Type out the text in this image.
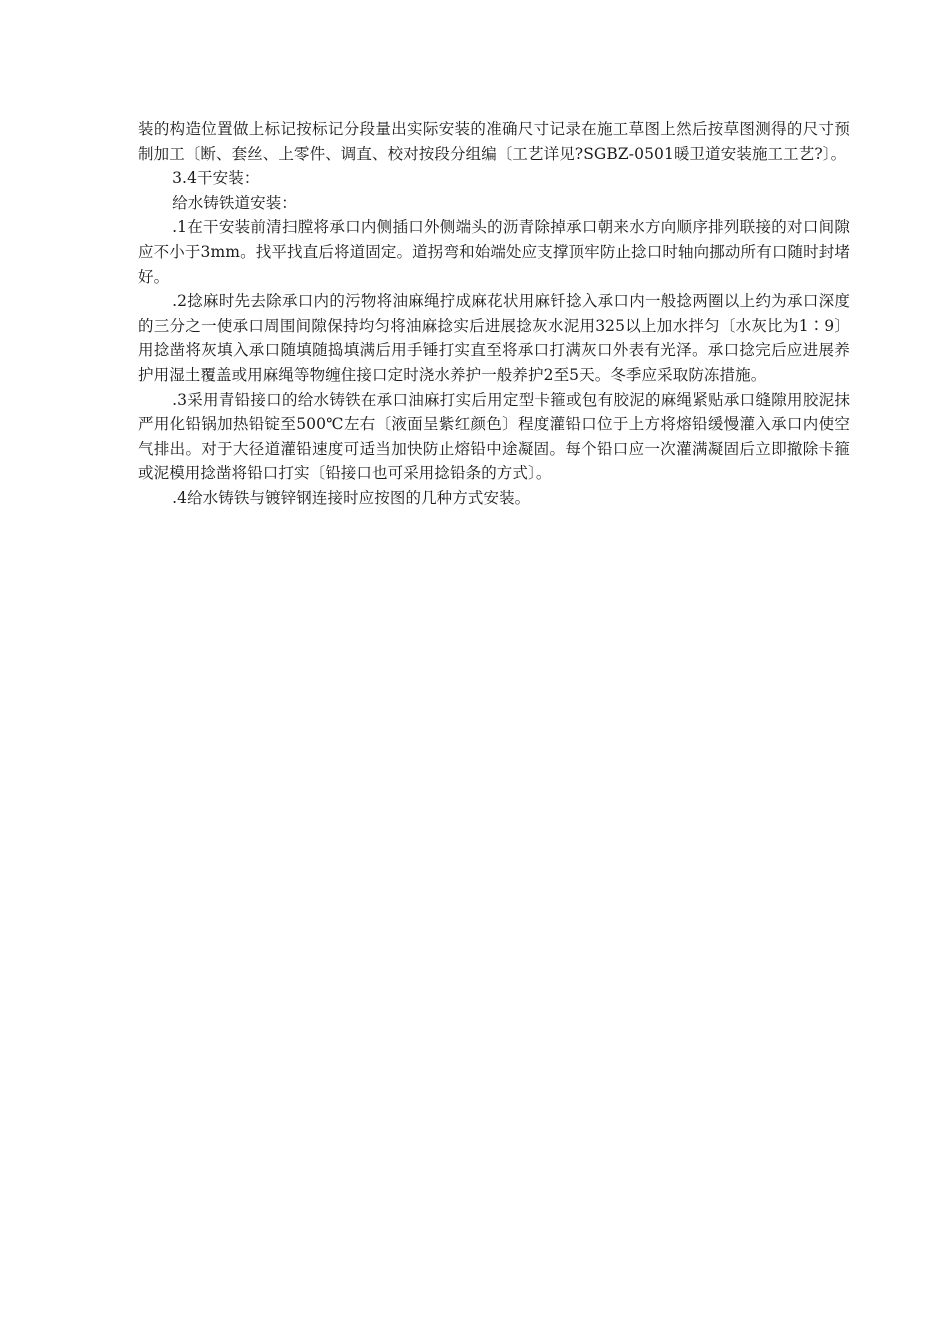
装的构造位置做上标记按标记分段量出实际安装的准确尺寸记录在施工草图上然后按草图测得的尺寸预制加工〔断、套丝、上零件、调直、校对按段分组编〔工艺详见?SGBZ-0501暖卫道安装施工工艺?〕。

3.4干安装：

给水铸铁道安装：

.1在干安装前清扫膛将承口内侧插口外侧端头的沥青除掉承口朝来水方向顺序排列联接的对口间隙应不小于3mm。找平找直后将道固定。道拐弯和始端处应支撑顶牢防止捻口时轴向挪动所有口随时封堵好。

.2捻麻时先去除承口内的污物将油麻绳拧成麻花状用麻钎捻入承口内一般捻两圈以上约为承口深度的三分之一使承口周围间隙保持均匀将油麻捻实后进展捻灰水泥用325以上加水拌匀〔水灰比为1∶9〕用捻凿将灰填入承口随填随捣填满后用手锤打实直至将承口打满灰口外表有光泽。承口捻完后应进展养护用湿土覆盖或用麻绳等物缠住接口定时浇水养护一般养护2至5天。冬季应采取防冻措施。

.3采用青铅接口的给水铸铁在承口油麻打实后用定型卡箍或包有胶泥的麻绳紧贴承口缝隙用胶泥抹严用化铅锅加热铅锭至500℃左右〔液面呈紫红颜色〕程度灌铅口位于上方将熔铅缓慢灌入承口内使空气排出。对于大径道灌铅速度可适当加快防止熔铅中途凝固。每个铅口应一次灌满凝固后立即撤除卡箍或泥模用捻凿将铅口打实〔铅接口也可采用捻铅条的方式〕。

.4给水铸铁与镀锌钢连接时应按图的几种方式安装。
